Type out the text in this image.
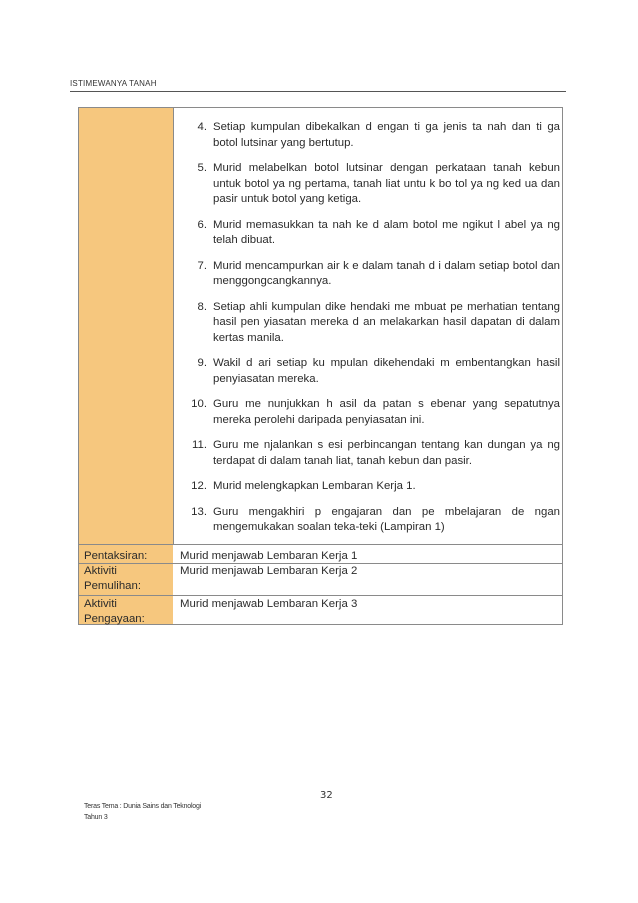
ISTIMEWANYA TANAH
4. Setiap kumpulan dibekalkan d engan ti ga jenis ta nah dan ti ga botol lutsinar yang bertutup.
5. Murid melabelkan botol lutsinar dengan perkataan tanah kebun untuk botol ya ng pertama, tanah liat untu k bo tol ya ng ked ua dan pasir untuk botol yang ketiga.
6. Murid memasukkan ta nah ke d alam botol me ngikut l abel ya ng telah dibuat.
7. Murid mencampurkan air k e dalam tanah d i dalam setiap botol dan menggongcangkannya.
8. Setiap ahli kumpulan dike hendaki me mbuat pe merhatian tentang hasil pen yiasatan mereka d an melakarkan hasil dapatan di dalam kertas manila.
9. Wakil d ari setiap ku mpulan dikehendaki m embentangkan hasil penyiasatan mereka.
10. Guru me nunjukkan h asil da patan s ebenar yang sepatutnya mereka perolehi daripada penyiasatan ini.
11. Guru me njalankan s esi perbincangan tentang kan dungan ya ng terdapat di dalam tanah liat, tanah kebun dan pasir.
12. Murid melengkapkan Lembaran Kerja 1.
13. Guru mengakhiri p engajaran dan pe mbelajaran de ngan mengemukakan soalan teka-teki (Lampiran 1)
Pentaksiran:	Murid menjawab Lembaran Kerja 1
Aktiviti
Pemulihan:
Murid menjawab Lembaran Kerja 2
Aktiviti
Pengayaan:
Murid menjawab Lembaran Kerja 3
32
Teras Tema : Dunia Sains dan Teknologi
Tahun 3
